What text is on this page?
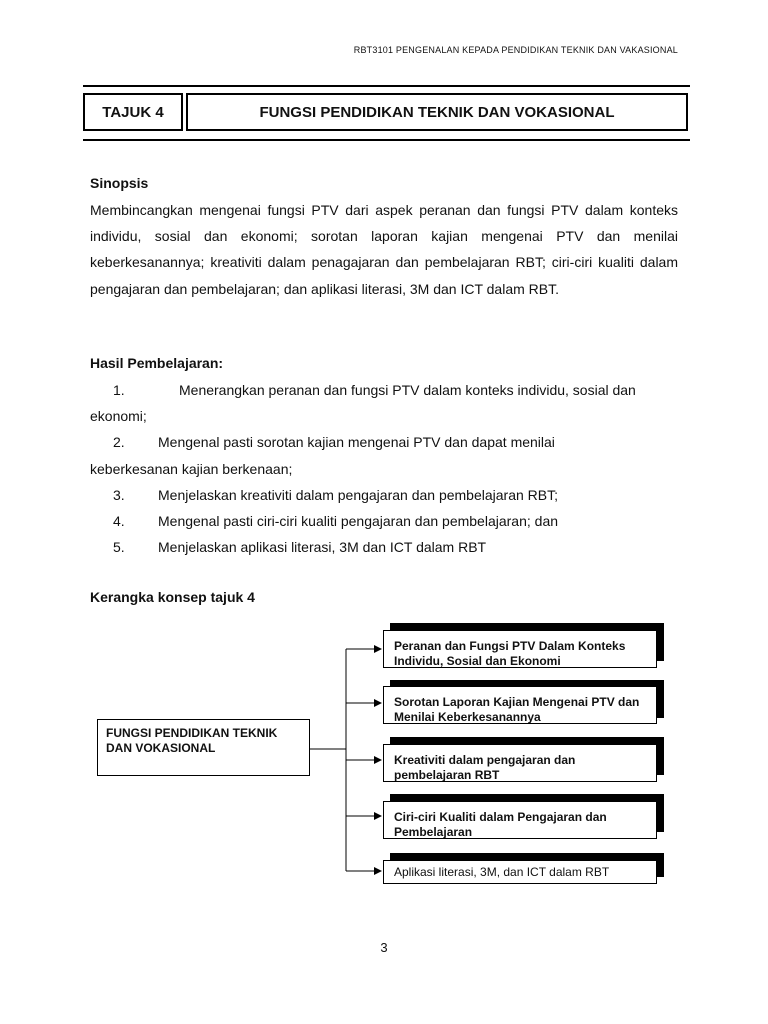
RBT3101 PENGENALAN KEPADA PENDIDIKAN TEKNIK DAN VAKASIONAL
TAJUK 4	FUNGSI PENDIDIKAN TEKNIK DAN VOKASIONAL
Sinopsis
Membincangkan mengenai fungsi PTV dari aspek peranan dan fungsi PTV dalam konteks individu, sosial dan ekonomi; sorotan laporan kajian mengenai PTV dan menilai keberkesanannya; kreativiti dalam penagajaran dan pembelajaran RBT; ciri-ciri kualiti dalam pengajaran dan pembelajaran; dan aplikasi literasi, 3M dan ICT dalam RBT.
Hasil Pembelajaran:
1.	Menerangkan peranan dan fungsi PTV dalam konteks individu, sosial dan
ekonomi;
2.	Mengenal pasti sorotan kajian mengenai PTV dan dapat menilai
keberkesanan kajian berkenaan;
3.	Menjelaskan kreativiti dalam pengajaran dan pembelajaran RBT;
4.	Mengenal pasti ciri-ciri kualiti pengajaran dan pembelajaran; dan
5.	Menjelaskan aplikasi literasi, 3M dan ICT dalam RBT
Kerangka konsep tajuk 4
FUNGSI PENDIDIKAN TEKNIK DAN VOKASIONAL
Peranan dan Fungsi PTV Dalam Konteks Individu, Sosial dan Ekonomi
Sorotan Laporan Kajian Mengenai PTV dan Menilai Keberkesanannya
Kreativiti dalam pengajaran dan pembelajaran RBT
Ciri-ciri Kualiti dalam Pengajaran dan Pembelajaran
Aplikasi literasi, 3M, dan ICT dalam RBT
3
